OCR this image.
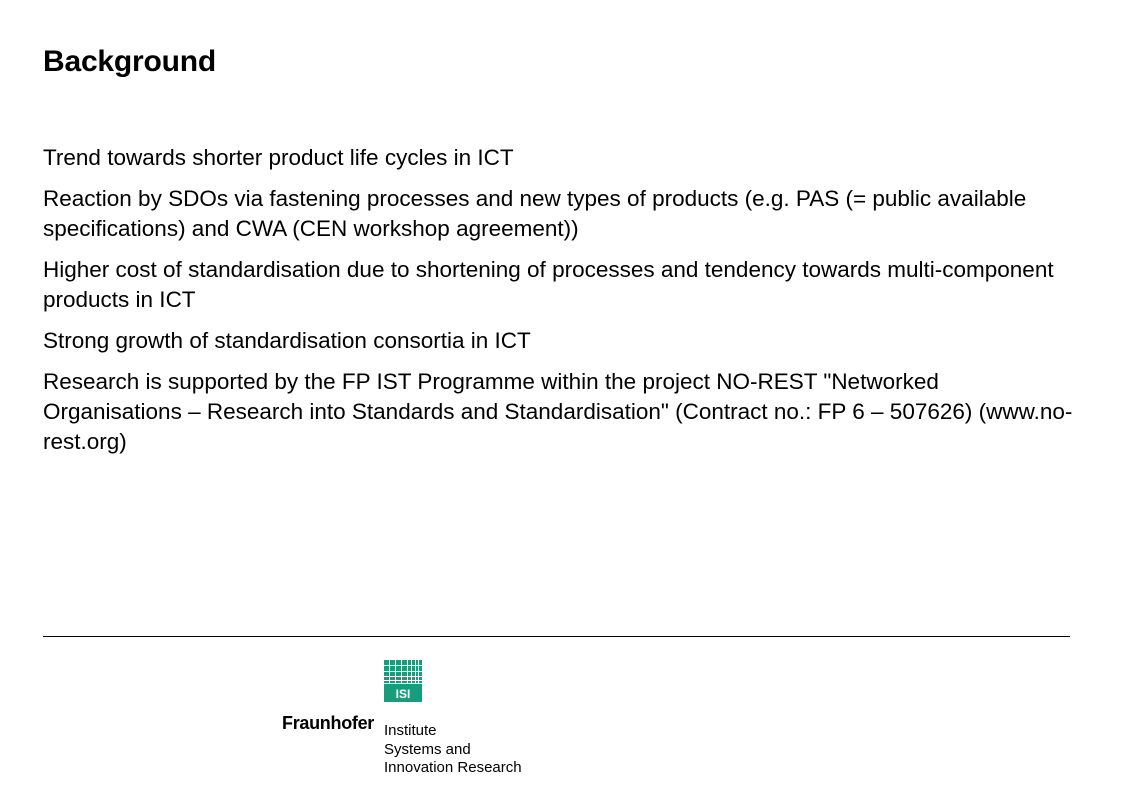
Background

Trend towards shorter product life cycles in ICT

Reaction by SDOs via fastening processes and new types of products (e.g. PAS (= public available specifications) and CWA (CEN workshop agreement))

Higher cost of standardisation due to shortening of processes and tendency towards multi-component products in ICT

Strong growth of standardisation consortia in ICT

Research is supported by the FP IST Programme within the project NO-REST "Networked Organisations – Research into Standards and Standardisation" (Contract no.: FP 6 – 507626) (www.no-rest.org)

ISI
Fraunhofer Institute
Systems and
Innovation Research
